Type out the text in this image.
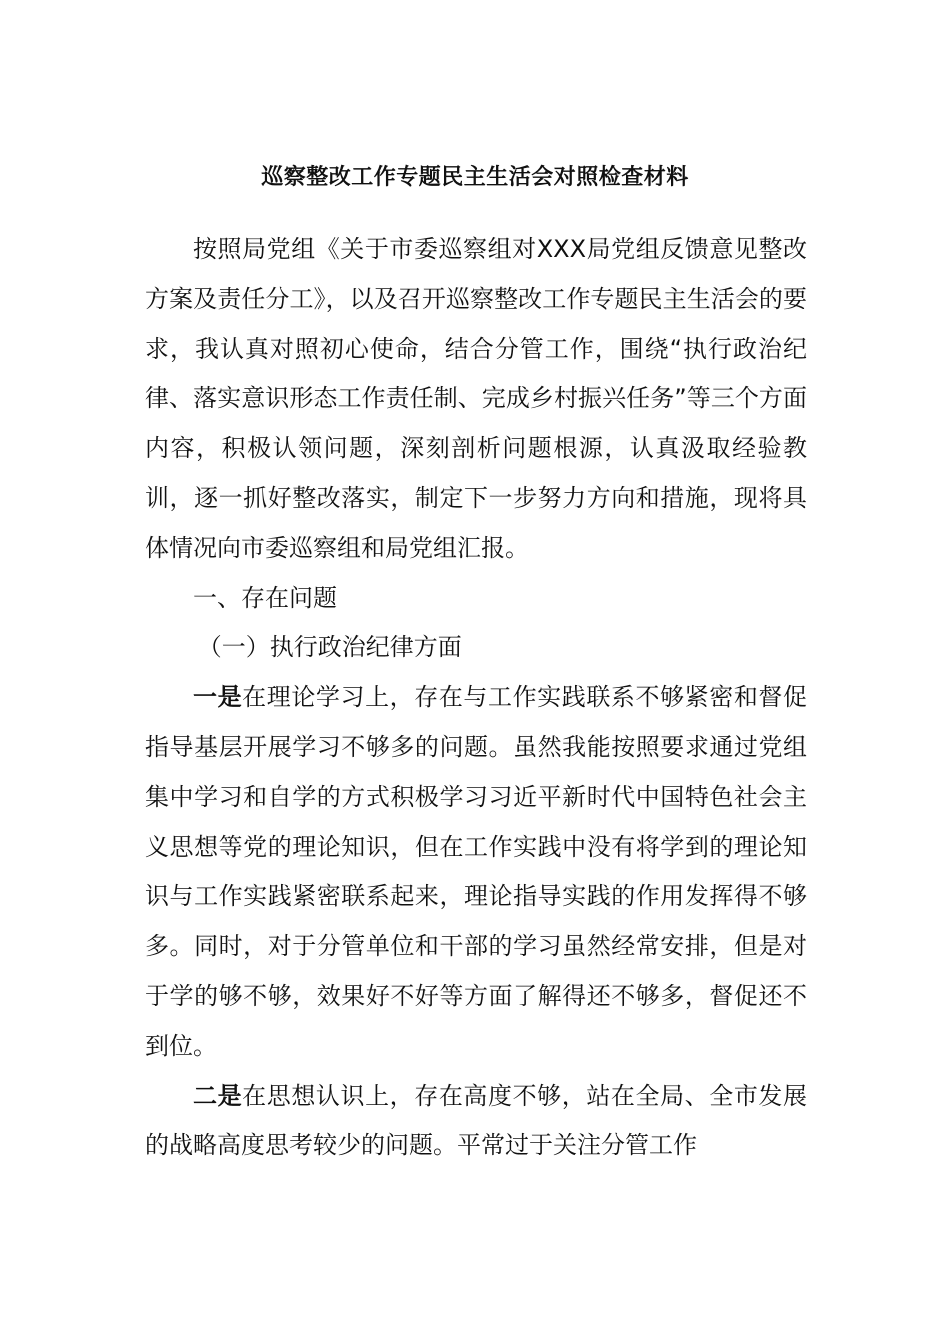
巡察整改工作专题民主生活会对照检查材料

按照局党组《关于市委巡察组对XXX局党组反馈意见整改方案及责任分工》，以及召开巡察整改工作专题民主生活会的要求，我认真对照初心使命，结合分管工作，围绕“执行政治纪律、落实意识形态工作责任制、完成乡村振兴任务”等三个方面内容，积极认领问题，深刻剖析问题根源，认真汲取经验教训，逐一抓好整改落实，制定下一步努力方向和措施，现将具体情况向市委巡察组和局党组汇报。

一、存在问题

（一）执行政治纪律方面

一是在理论学习上，存在与工作实践联系不够紧密和督促指导基层开展学习不够多的问题。虽然我能按照要求通过党组集中学习和自学的方式积极学习习近平新时代中国特色社会主义思想等党的理论知识，但在工作实践中没有将学到的理论知识与工作实践紧密联系起来，理论指导实践的作用发挥得不够多。同时，对于分管单位和干部的学习虽然经常安排，但是对于学的够不够，效果好不好等方面了解得还不够多，督促还不到位。

二是在思想认识上，存在高度不够，站在全局、全市发展的战略高度思考较少的问题。平常过于关注分管工作
